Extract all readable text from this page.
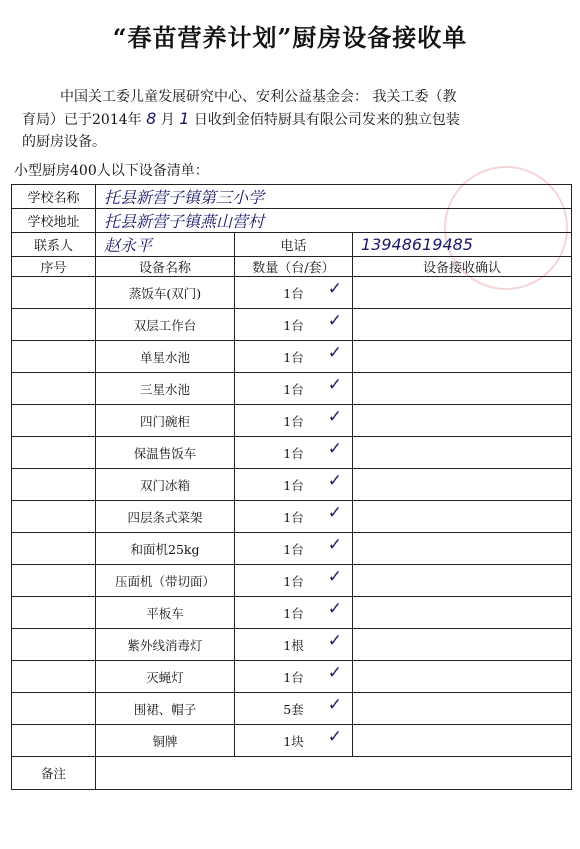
“春苗营养计划”厨房设备接收单
中国关工委儿童发展研究中心、安利公益基金会： 我关工委（教
育局）已于2014年 8 月 1 日收到金佰特厨具有限公司发来的独立包装
的厨房设备。
小型厨房400人以下设备清单：
学校名称	托县新营子镇第三小学		
学校地址	托县新营子镇燕山营村		
联系人	赵永平	电话	13948619485
序号	设备名称	数量（台/套）	设备接收确认
	蒸饭车(双门)	1台 ✓	

	双层工作台	1台 ✓	

	单星水池	1台 ✓	

	三星水池	1台 ✓	

	四门碗柜	1台 ✓	

	保温售饭车	1台 ✓	

	双门冰箱	1台 ✓	

	四层条式菜架	1台 ✓	

	和面机25kg	1台 ✓	

	压面机（带切面）	1台 ✓	

	平板车	1台 ✓	

	紫外线消毒灯	1根 ✓	

	灭蝇灯	1台 ✓	

	围裙、帽子	5套 ✓	

	铜牌	1块 ✓	

备注			
